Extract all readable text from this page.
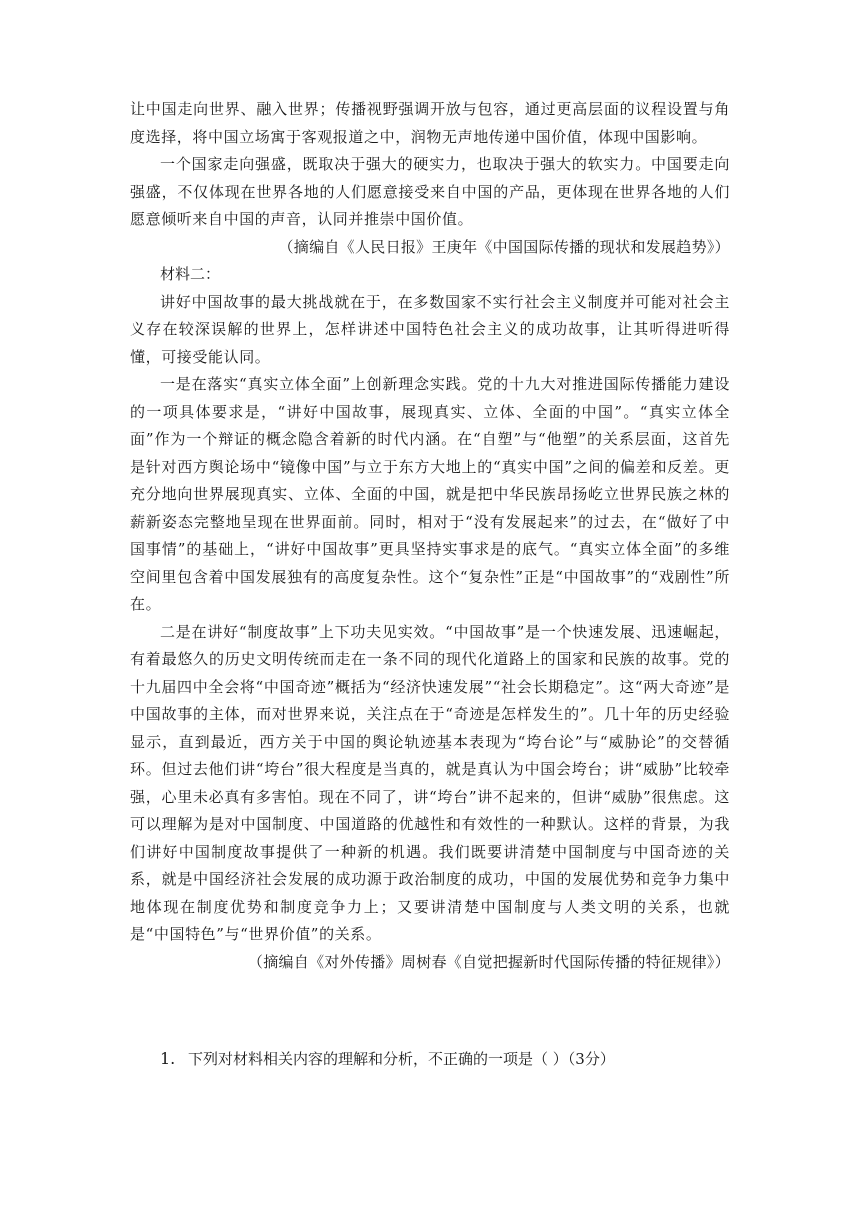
让中国走向世界、融入世界；传播视野强调开放与包容，通过更高层面的议程设置与角度选择，将中国立场寓于客观报道之中，润物无声地传递中国价值，体现中国影响。

一个国家走向强盛，既取决于强大的硬实力，也取决于强大的软实力。中国要走向强盛，不仅体现在世界各地的人们愿意接受来自中国的产品，更体现在世界各地的人们愿意倾听来自中国的声音，认同并推崇中国价值。

（摘编自《人民日报》王庚年《中国国际传播的现状和发展趋势》）

材料二：

讲好中国故事的最大挑战就在于，在多数国家不实行社会主义制度并可能对社会主义存在较深误解的世界上，怎样讲述中国特色社会主义的成功故事，让其听得进听得懂，可接受能认同。

一是在落实“真实立体全面”上创新理念实践。党的十九大对推进国际传播能力建设的一项具体要求是，“讲好中国故事，展现真实、立体、全面的中国”。“真实立体全面”作为一个辩证的概念隐含着新的时代内涵。在“自塑”与“他塑”的关系层面，这首先是针对西方舆论场中“镜像中国”与立于东方大地上的“真实中国”之间的偏差和反差。更充分地向世界展现真实、立体、全面的中国，就是把中华民族昂扬屹立世界民族之林的薪新姿态完整地呈现在世界面前。同时，相对于“没有发展起来”的过去，在“做好了中国事情”的基础上，“讲好中国故事”更具坚持实事求是的底气。“真实立体全面”的多维空间里包含着中国发展独有的高度复杂性。这个“复杂性”正是“中国故事”的“戏剧性”所在。

二是在讲好“制度故事”上下功夫见实效。“中国故事”是一个快速发展、迅速崛起，有着最悠久的历史文明传统而走在一条不同的现代化道路上的国家和民族的故事。党的十九届四中全会将“中国奇迹”概括为“经济快速发展”“社会长期稳定”。这“两大奇迹”是中国故事的主体，而对世界来说，关注点在于“奇迹是怎样发生的”。几十年的历史经验显示，直到最近，西方关于中国的舆论轨迹基本表现为“垮台论”与“威胁论”的交替循环。但过去他们讲“垮台”很大程度是当真的，就是真认为中国会垮台；讲“威胁”比较牵强，心里未必真有多害怕。现在不同了，讲“垮台”讲不起来的，但讲“威胁”很焦虑。这可以理解为是对中国制度、中国道路的优越性和有效性的一种默认。这样的背景，为我们讲好中国制度故事提供了一种新的机遇。我们既要讲清楚中国制度与中国奇迹的关系，就是中国经济社会发展的成功源于政治制度的成功，中国的发展优势和竞争力集中地体现在制度优势和制度竞争力上；又要讲清楚中国制度与人类文明的关系，也就是“中国特色”与“世界价值”的关系。

（摘编自《对外传播》周树春《自觉把握新时代国际传播的特征规律》）

1. 下列对材料相关内容的理解和分析，不正确的一项是（ ）（3分）
